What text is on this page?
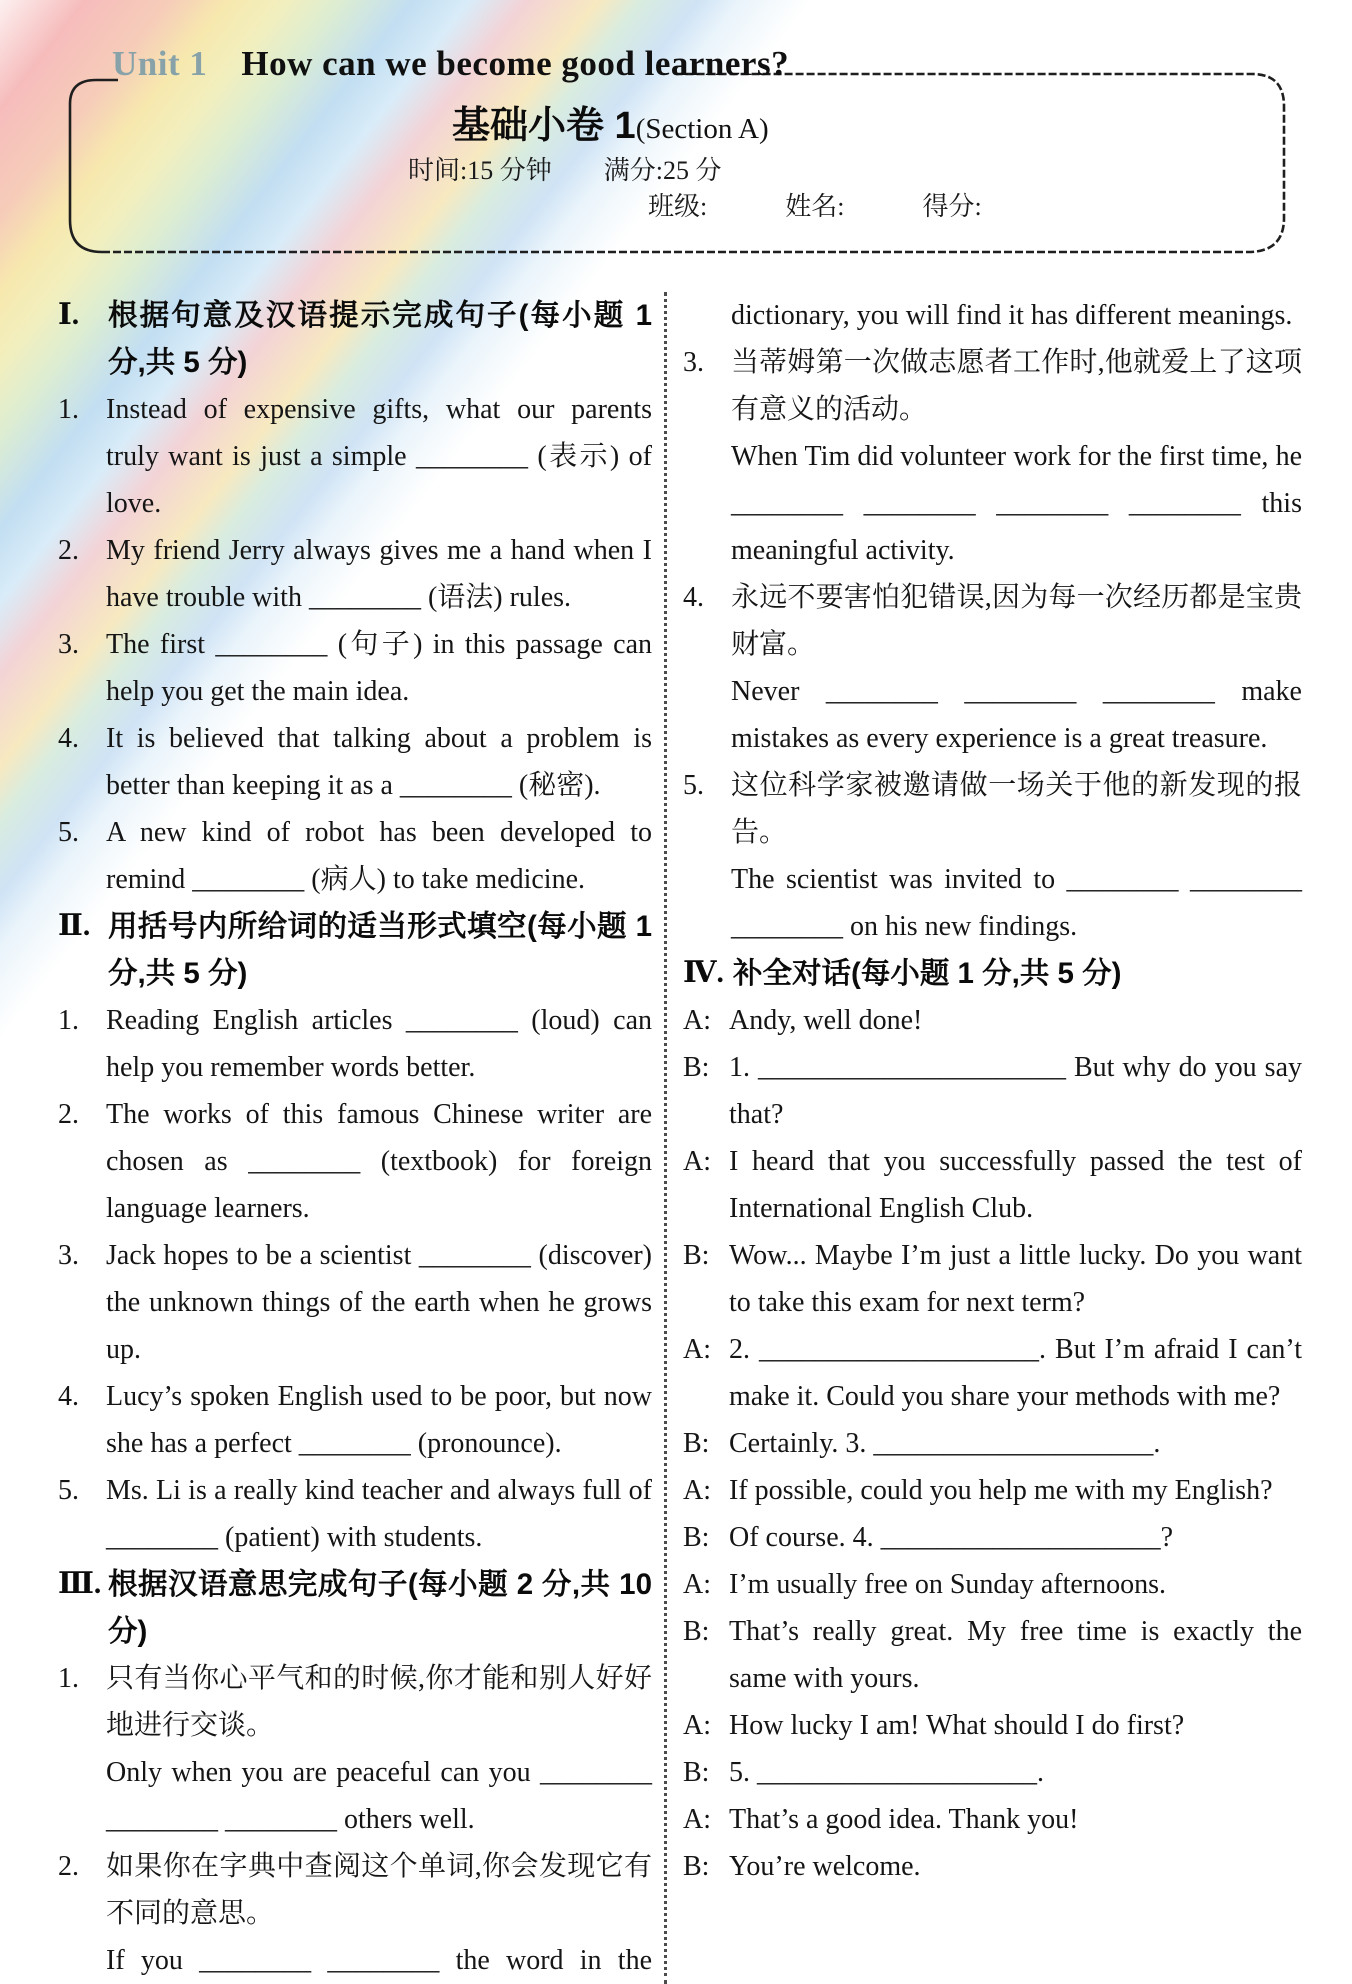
Unit 1 How can we become good learners?
基础小卷 1(Section A)
时间:15 分钟 满分:25 分
班级:	姓名:	得分:
Ⅰ. 根据句意及汉语提示完成句子(每小题 1 分,共 5 分)
1. Instead of expensive gifts, what our parents truly want is just a simple ________ (表示) of love.
2. My friend Jerry always gives me a hand when I have trouble with ________ (语法) rules.
3. The first ________ (句子) in this passage can help you get the main idea.
4. It is believed that talking about a problem is better than keeping it as a ________ (秘密).
5. A new kind of robot has been developed to remind ________ (病人) to take medicine.
Ⅱ. 用括号内所给词的适当形式填空(每小题 1 分,共 5 分)
1. Reading English articles ________ (loud) can help you remember words better.
2. The works of this famous Chinese writer are chosen as ________ (textbook) for foreign language learners.
3. Jack hopes to be a scientist ________ (discover) the unknown things of the earth when he grows up.
4. Lucy’s spoken English used to be poor, but now she has a perfect ________ (pronounce).
5. Ms. Li is a really kind teacher and always full of ________ (patient) with students.
Ⅲ. 根据汉语意思完成句子(每小题 2 分,共 10 分)
1. 只有当你心平气和的时候,你才能和别人好好地进行交谈。
Only when you are peaceful can you ________ ________ ________ others well.
2. 如果你在字典中查阅这个单词,你会发现它有不同的意思。
If you ________ ________ the word in the
dictionary, you will find it has different meanings.
3. 当蒂姆第一次做志愿者工作时,他就爱上了这项有意义的活动。
When Tim did volunteer work for the first time, he ________ ________ ________ ________ this meaningful activity.
4. 永远不要害怕犯错误,因为每一次经历都是宝贵财富。
Never ________ ________ ________ make mistakes as every experience is a great treasure.
5. 这位科学家被邀请做一场关于他的新发现的报告。
The scientist was invited to ________ ________ ________ on his new findings.
Ⅳ. 补全对话(每小题 1 分,共 5 分)
A: Andy, well done!
B: 1. ______________________ But why do you say that?
A: I heard that you successfully passed the test of International English Club.
B: Wow... Maybe I’m just a little lucky. Do you want to take this exam for next term?
A: 2. ____________________. But I’m afraid I can’t make it. Could you share your methods with me?
B: Certainly. 3. ____________________.
A: If possible, could you help me with my English?
B: Of course. 4. ____________________?
A: I’m usually free on Sunday afternoons.
B: That’s really great. My free time is exactly the same with yours.
A: How lucky I am! What should I do first?
B: 5. ____________________.
A: That’s a good idea. Thank you!
B: You’re welcome.
